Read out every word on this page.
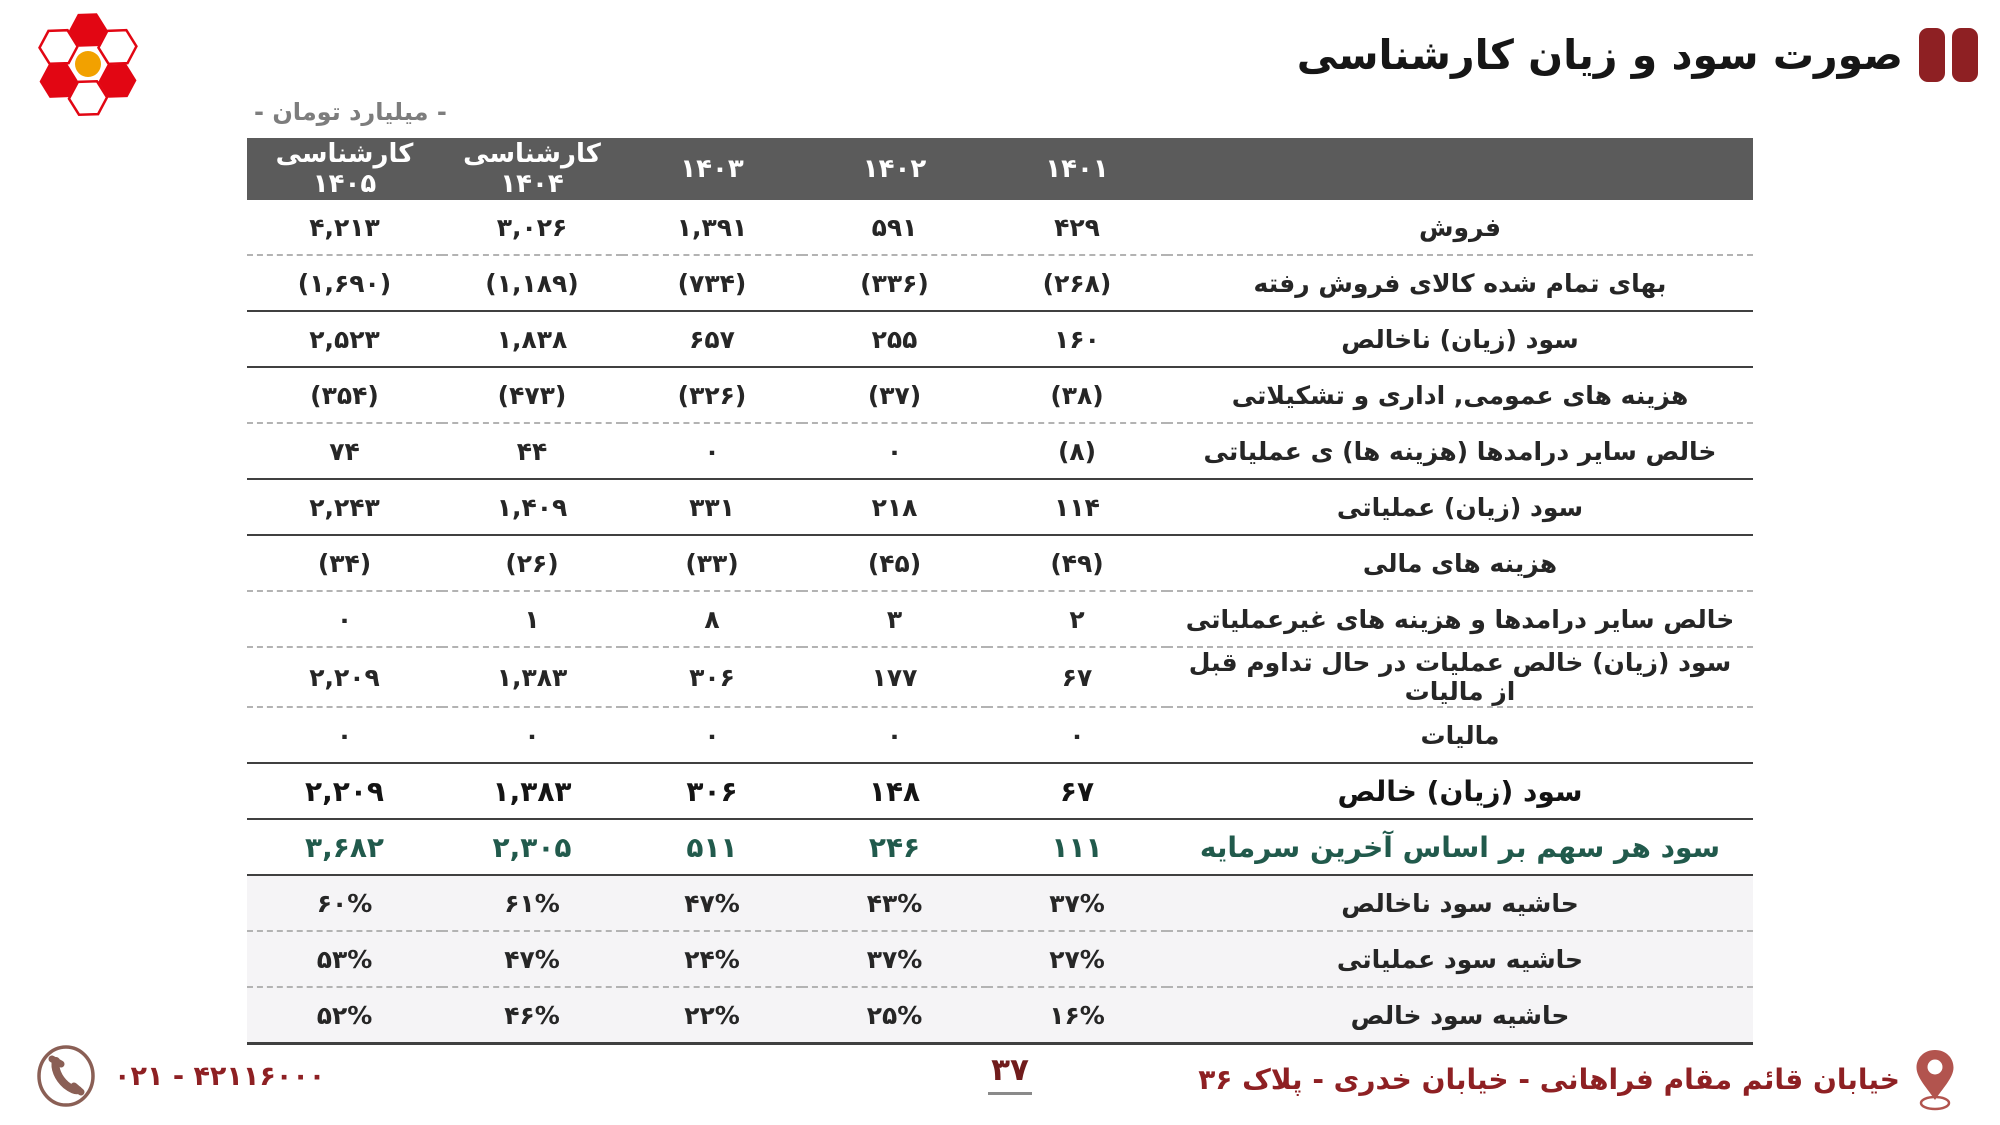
صورت سود و زیان کارشناسی
- میلیارد تومان -
کارشناسی ۱۴۰۵	کارشناسی ۱۴۰۴	۱۴۰۳	۱۴۰۲	۱۴۰۱	
۴,۲۱۳	۳,۰۲۶	۱,۳۹۱	۵۹۱	۴۲۹	فروش
(۱,۶۹۰)	(۱,۱۸۹)	(۷۳۴)	(۳۳۶)	(۲۶۸)	بهای تمام شده کالای فروش رفته
۲,۵۲۳	۱,۸۳۸	۶۵۷	۲۵۵	۱۶۰	سود (زیان) ناخالص
(۳۵۴)	(۴۷۳)	(۳۲۶)	(۳۷)	(۳۸)	هزینه های عمومی, اداری و تشکیلاتی
۷۴	۴۴	۰	۰	(۸)	خالص سایر درامدها (هزینه ها) ی عملیاتی
۲,۲۴۳	۱,۴۰۹	۳۳۱	۲۱۸	۱۱۴	سود (زیان) عملیاتی
(۳۴)	(۲۶)	(۳۳)	(۴۵)	(۴۹)	هزینه های مالی
۰	۱	۸	۳	۲	خالص سایر درامدها و هزینه های غیرعملیاتی
۲,۲۰۹	۱,۳۸۳	۳۰۶	۱۷۷	۶۷	سود (زیان) خالص عملیات در حال تداوم قبل از مالیات
۰	۰	۰	۰	۰	مالیات
۲,۲۰۹	۱,۳۸۳	۳۰۶	۱۴۸	۶۷	سود (زیان) خالص
۳,۶۸۲	۲,۳۰۵	۵۱۱	۲۴۶	۱۱۱	سود هر سهم بر اساس آخرین سرمایه
۶۰%	۶۱%	۴۷%	۴۳%	۳۷%	حاشیه سود ناخالص
۵۳%	۴۷%	۲۴%	۳۷%	۲۷%	حاشیه سود عملیاتی
۵۲%	۴۶%	۲۲%	۲۵%	۱۶%	حاشیه سود خالص
۰۲۱ - ۴۲۱۱۶۰۰۰	۳۷	خیابان قائم مقام فراهانی - خیابان خدری - پلاک ۳۶
